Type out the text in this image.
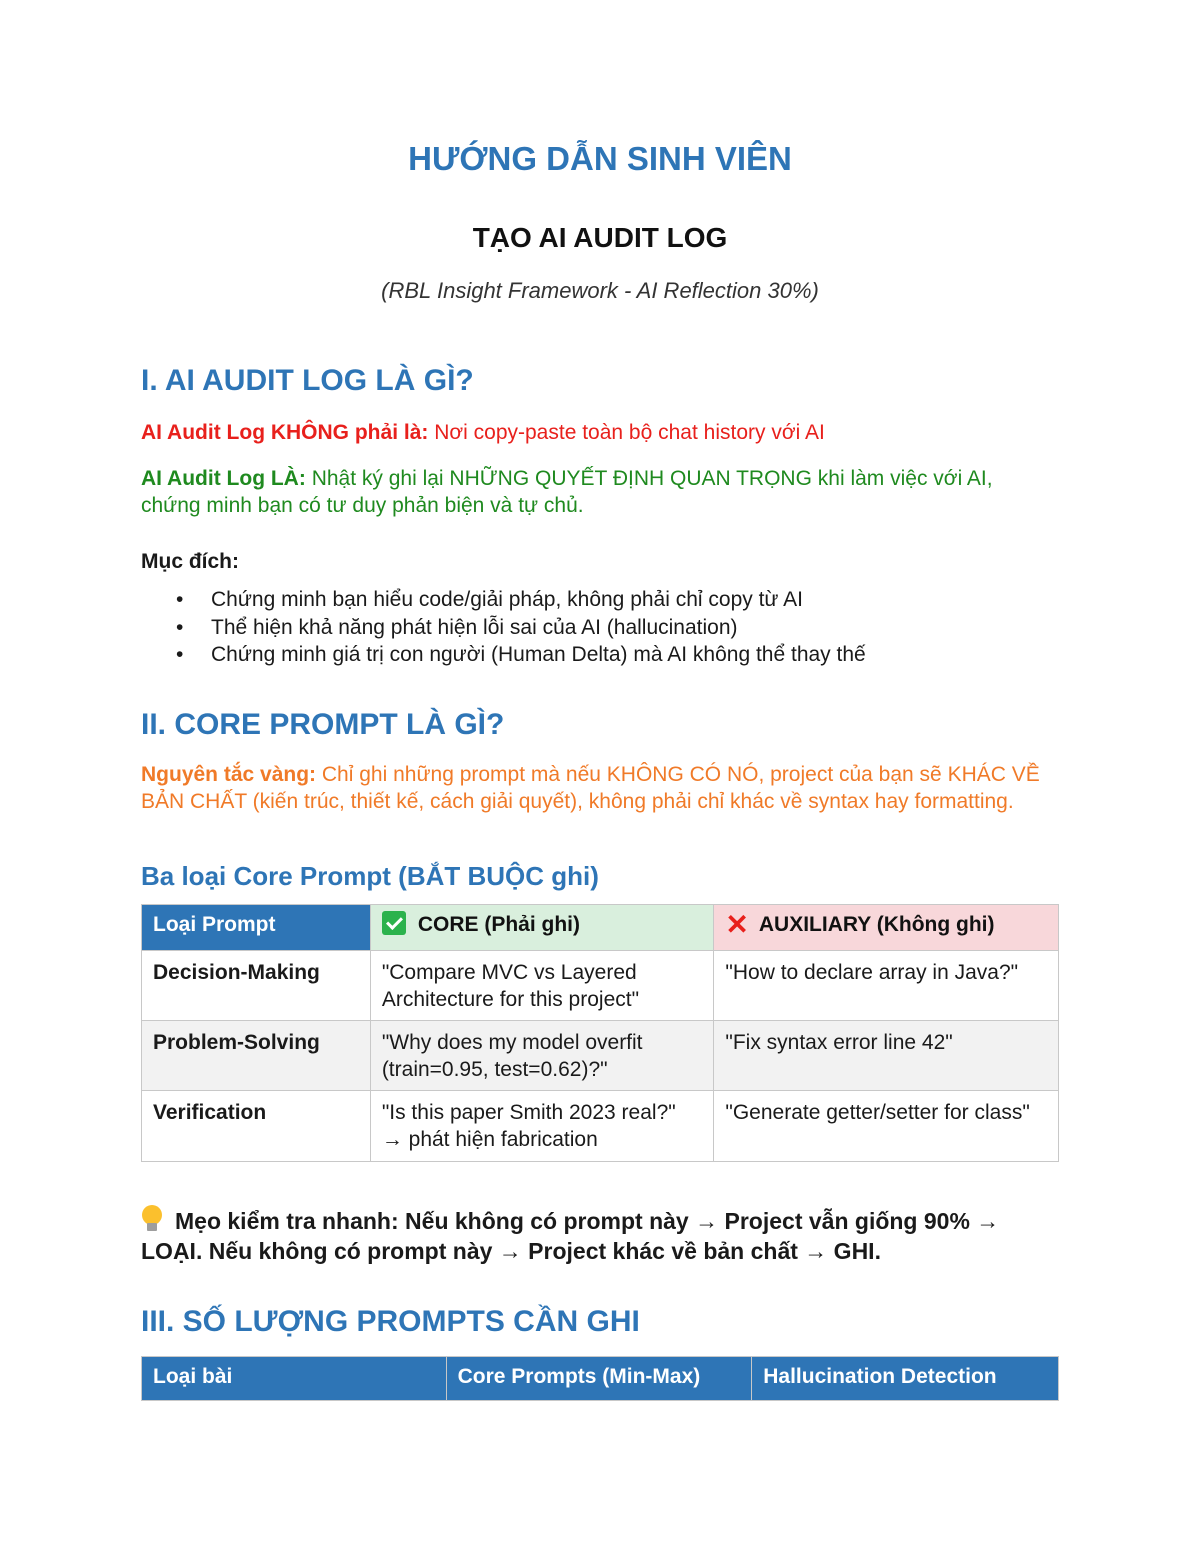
HƯỚNG DẪN SINH VIÊN
TẠO AI AUDIT LOG
(RBL Insight Framework - AI Reflection 30%)
I. AI AUDIT LOG LÀ GÌ?

AI Audit Log KHÔNG phải là: Nơi copy-paste toàn bộ chat history với AI

AI Audit Log LÀ: Nhật ký ghi lại NHỮNG QUYẾT ĐỊNH QUAN TRỌNG khi làm việc với AI, chứng minh bạn có tư duy phản biện và tự chủ.

Mục đích:

• Chứng minh bạn hiểu code/giải pháp, không phải chỉ copy từ AI
• Thể hiện khả năng phát hiện lỗi sai của AI (hallucination)
• Chứng minh giá trị con người (Human Delta) mà AI không thể thay thế
II. CORE PROMPT LÀ GÌ?

Nguyên tắc vàng: Chỉ ghi những prompt mà nếu KHÔNG CÓ NÓ, project của bạn sẽ KHÁC VỀ BẢN CHẤT (kiến trúc, thiết kế, cách giải quyết), không phải chỉ khác về syntax hay formatting.

Ba loại Core Prompt (BẮT BUỘC ghi)
Loại Prompt	CORE (Phải ghi)	✕ AUXILIARY (Không ghi)
Decision-Making	"Compare MVC vs Layered Architecture for this project"	"How to declare array in Java?"
Problem-Solving	"Why does my model overfit (train=0.95, test=0.62)?"	"Fix syntax error line 42"
Verification	"Is this paper Smith 2023 real?" → phát hiện fabrication	"Generate getter/setter for class"

Mẹo kiểm tra nhanh: Nếu không có prompt này → Project vẫn giống 90% → LOẠI. Nếu không có prompt này → Project khác về bản chất → GHI.

III. SỐ LƯỢNG PROMPTS CẦN GHI
Loại bài	Core Prompts (Min-Max)	Hallucination Detection
